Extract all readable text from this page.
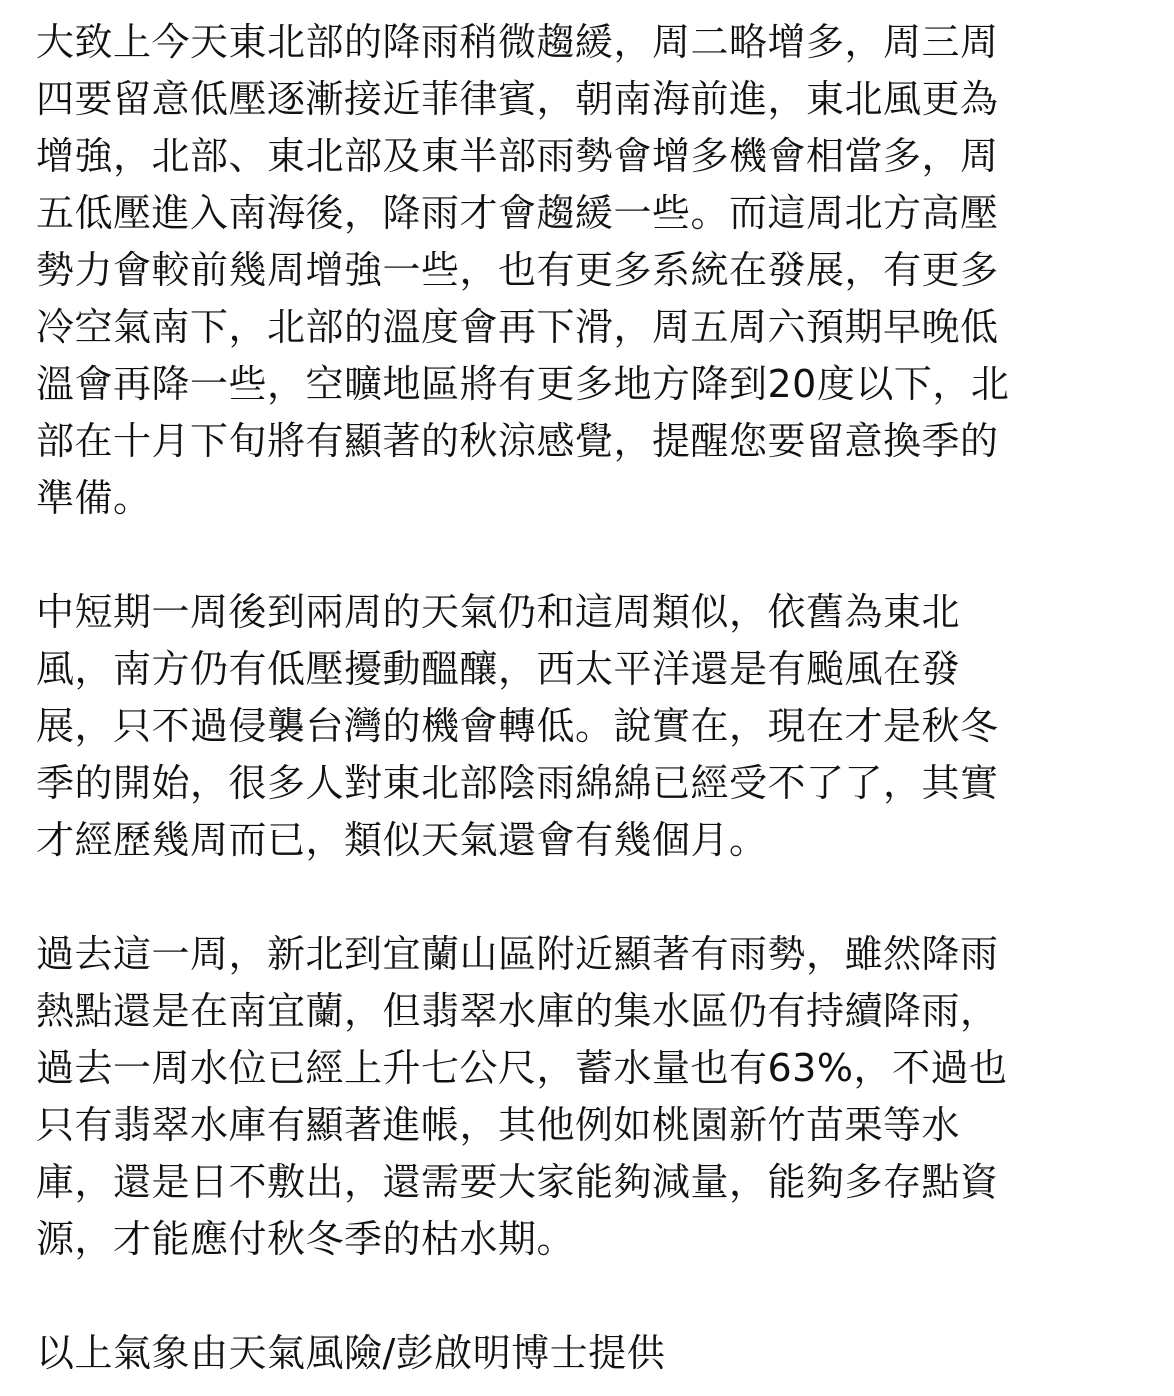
大致上今天東北部的降雨稍微趨緩，周二略增多，周三周
四要留意低壓逐漸接近菲律賓，朝南海前進，東北風更為
增強，北部、東北部及東半部雨勢會增多機會相當多，周
五低壓進入南海後，降雨才會趨緩一些。而這周北方高壓
勢力會較前幾周增強一些，也有更多系統在發展，有更多
冷空氣南下，北部的溫度會再下滑，周五周六預期早晚低
溫會再降一些，空曠地區將有更多地方降到20度以下，北
部在十月下旬將有顯著的秋涼感覺，提醒您要留意換季的
準備。

中短期一周後到兩周的天氣仍和這周類似，依舊為東北
風，南方仍有低壓擾動醞釀，西太平洋還是有颱風在發
展，只不過侵襲台灣的機會轉低。說實在，現在才是秋冬
季的開始，很多人對東北部陰雨綿綿已經受不了了，其實
才經歷幾周而已，類似天氣還會有幾個月。

過去這一周，新北到宜蘭山區附近顯著有雨勢，雖然降雨
熱點還是在南宜蘭，但翡翠水庫的集水區仍有持續降雨，
過去一周水位已經上升七公尺，蓄水量也有63%，不過也
只有翡翠水庫有顯著進帳，其他例如桃園新竹苗栗等水
庫，還是日不敷出，還需要大家能夠減量，能夠多存點資
源，才能應付秋冬季的枯水期。

以上氣象由天氣風險/彭啟明博士提供
